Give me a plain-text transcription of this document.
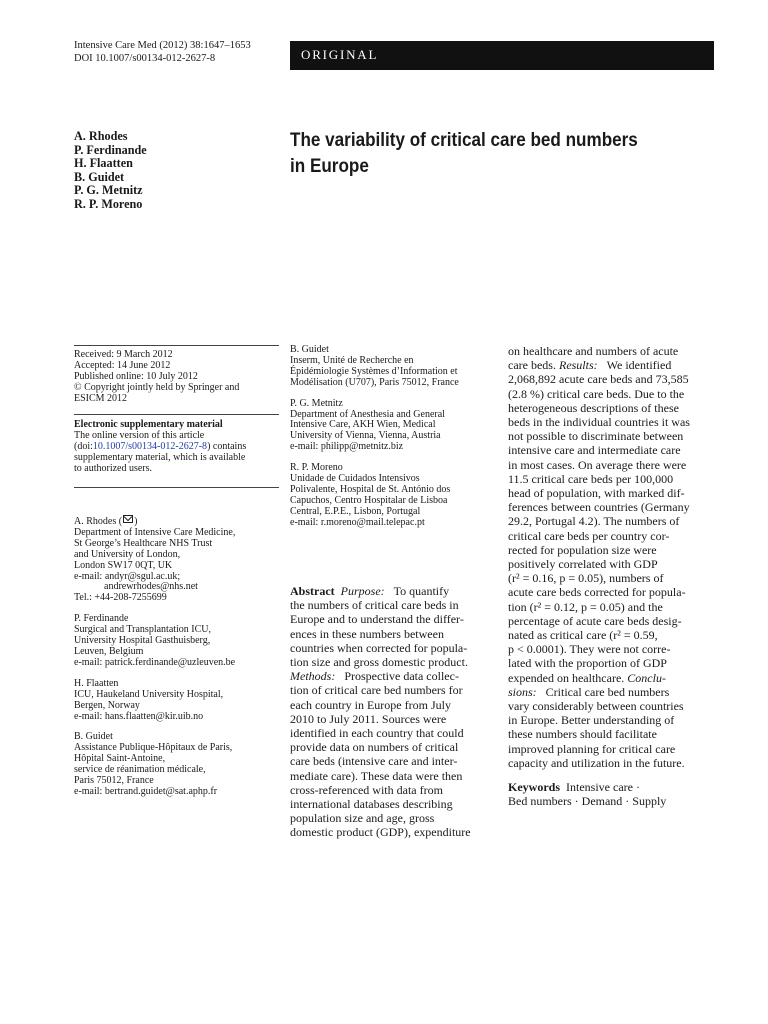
Intensive Care Med (2012) 38:1647–1653
DOI 10.1007/s00134-012-2627-8	ORIGINAL
A. Rhodes
P. Ferdinande
H. Flaatten
B. Guidet
P. G. Metnitz
R. P. Moreno
The variability of critical care bed numbers
in Europe
Received: 9 March 2012
Accepted: 14 June 2012
Published online: 10 July 2012
© Copyright jointly held by Springer and
ESICM 2012
Electronic supplementary material
The online version of this article
(doi:10.1007/s00134-012-2627-8) contains
supplementary material, which is available
to authorized users.
A. Rhodes ( )
Department of Intensive Care Medicine,
St George’s Healthcare NHS Trust
and University of London,
London SW17 0QT, UK
e-mail: andyr@sgul.ac.uk;
andrewrhodes@nhs.net
Tel.: +44-208-7255699
P. Ferdinande
Surgical and Transplantation ICU,
University Hospital Gasthuisberg,
Leuven, Belgium
e-mail: patrick.ferdinande@uzleuven.be
H. Flaatten
ICU, Haukeland University Hospital,
Bergen, Norway
e-mail: hans.flaatten@kir.uib.no
B. Guidet
Assistance Publique-Hôpitaux de Paris,
Hôpital Saint-Antoine,
service de réanimation médicale,
Paris 75012, France
e-mail: bertrand.guidet@sat.aphp.fr
B. Guidet
Inserm, Unité de Recherche en
Épidémiologie Systèmes d’Information et
Modélisation (U707), Paris 75012, France
P. G. Metnitz
Department of Anesthesia and General
Intensive Care, AKH Wien, Medical
University of Vienna, Vienna, Austria
e-mail: philipp@metnitz.biz
R. P. Moreno
Unidade de Cuidados Intensivos
Polivalente, Hospital de St. António dos
Capuchos, Centro Hospitalar de Lisboa
Central, E.P.E., Lisbon, Portugal
e-mail: r.moreno@mail.telepac.pt
Abstract Purpose: To quantify
the numbers of critical care beds in
Europe and to understand the differ-
ences in these numbers between
countries when corrected for popula-
tion size and gross domestic product.
Methods: Prospective data collec-
tion of critical care bed numbers for
each country in Europe from July
2010 to July 2011. Sources were
identified in each country that could
provide data on numbers of critical
care beds (intensive care and inter-
mediate care). These data were then
cross-referenced with data from
international databases describing
population size and age, gross
domestic product (GDP), expenditure
on healthcare and numbers of acute
care beds. Results: We identified
2,068,892 acute care beds and 73,585
(2.8 %) critical care beds. Due to the
heterogeneous descriptions of these
beds in the individual countries it was
not possible to discriminate between
intensive care and intermediate care
in most cases. On average there were
11.5 critical care beds per 100,000
head of population, with marked dif-
ferences between countries (Germany
29.2, Portugal 4.2). The numbers of
critical care beds per country cor-
rected for population size were
positively correlated with GDP
(r² = 0.16, p = 0.05), numbers of
acute care beds corrected for popula-
tion (r² = 0.12, p = 0.05) and the
percentage of acute care beds desig-
nated as critical care (r² = 0.59,
p < 0.0001). They were not corre-
lated with the proportion of GDP
expended on healthcare. Conclu-
sions: Critical care bed numbers
vary considerably between countries
in Europe. Better understanding of
these numbers should facilitate
improved planning for critical care
capacity and utilization in the future.
Keywords Intensive care ·
Bed numbers · Demand · Supply
